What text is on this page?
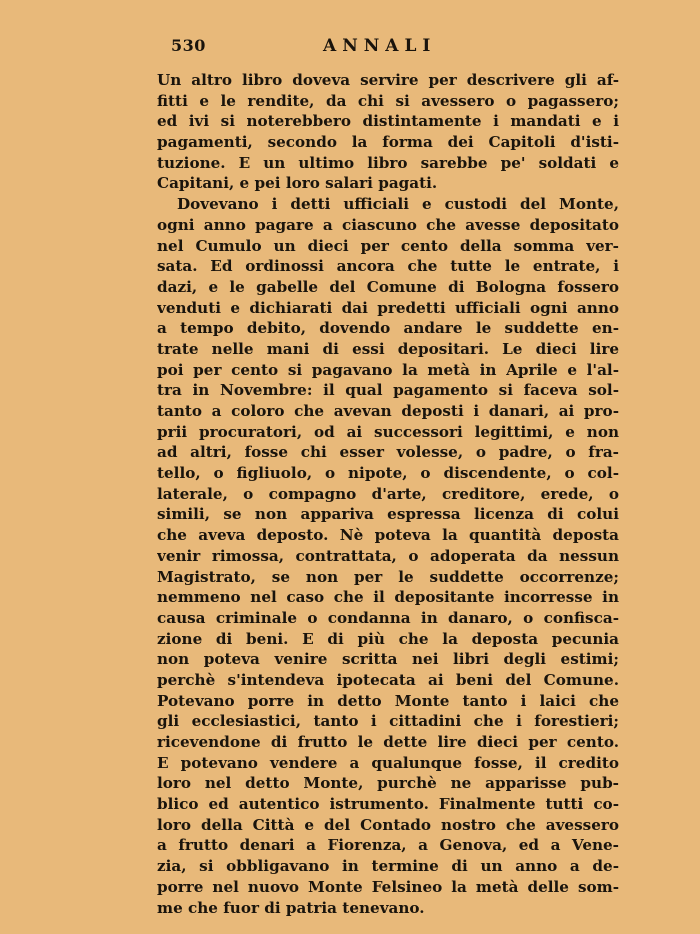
530	ANNALI
Un altro libro doveva servire per descrivere gli af-
fitti e le rendite, da chi si avessero o pagassero;
ed ivi si noterebbero distintamente i mandati e i
pagamenti, secondo la forma dei Capitoli d'isti-
tuzione. E un ultimo libro sarebbe pe' soldati e
Capitani, e pei loro salari pagati.
Dovevano i detti ufficiali e custodi del Monte,
ogni anno pagare a ciascuno che avesse depositato
nel Cumulo un dieci per cento della somma ver-
sata. Ed ordinossi ancora che tutte le entrate, i
dazi, e le gabelle del Comune di Bologna fossero
venduti e dichiarati dai predetti ufficiali ogni anno
a tempo debito, dovendo andare le suddette en-
trate nelle mani di essi depositari. Le dieci lire
poi per cento si pagavano la metà in Aprile e l'al-
tra in Novembre: il qual pagamento si faceva sol-
tanto a coloro che avevan deposti i danari, ai pro-
prii procuratori, od ai successori legittimi, e non
ad altri, fosse chi esser volesse, o padre, o fra-
tello, o figliuolo, o nipote, o discendente, o col-
laterale, o compagno d'arte, creditore, erede, o
simili, se non appariva espressa licenza di colui
che aveva deposto. Nè poteva la quantità deposta
venir rimossa, contrattata, o adoperata da nessun
Magistrato, se non per le suddette occorrenze;
nemmeno nel caso che il depositante incorresse in
causa criminale o condanna in danaro, o confisca-
zione di beni. E di più che la deposta pecunia
non poteva venire scritta nei libri degli estimi;
perchè s'intendeva ipotecata ai beni del Comune.
Potevano porre in detto Monte tanto i laici che
gli ecclesiastici, tanto i cittadini che i forestieri;
ricevendone di frutto le dette lire dieci per cento.
E potevano vendere a qualunque fosse, il credito
loro nel detto Monte, purchè ne apparisse pub-
blico ed autentico istrumento. Finalmente tutti co-
loro della Città e del Contado nostro che avessero
a frutto denari a Fiorenza, a Genova, ed a Vene-
zia, si obbligavano in termine di un anno a de-
porre nel nuovo Monte Felsineo la metà delle som-
me che fuor di patria tenevano.
